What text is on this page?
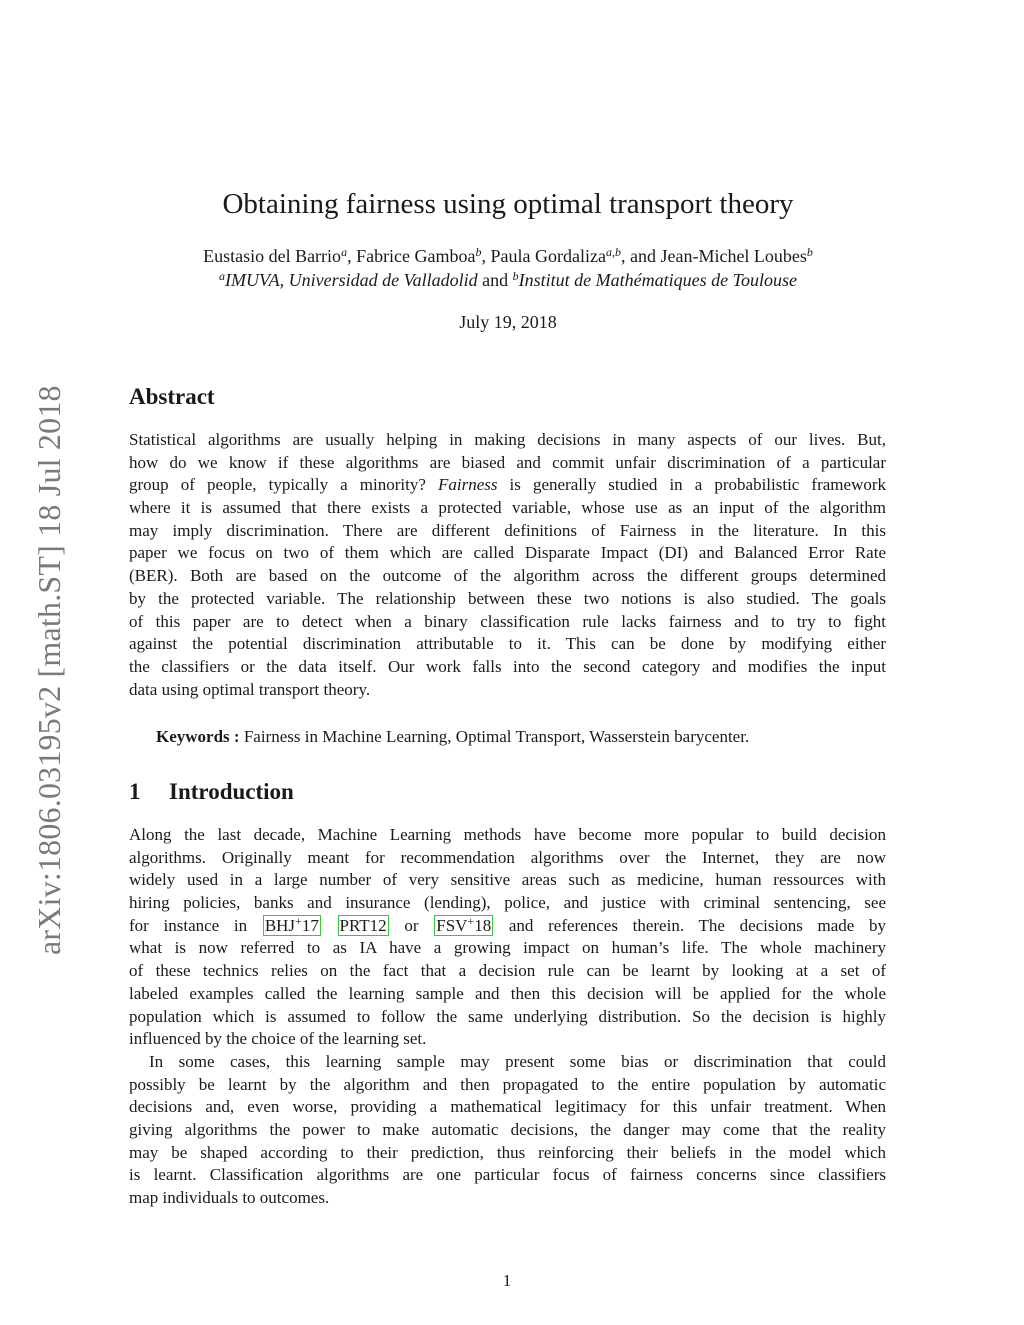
arXiv:1806.03195v2 [math.ST] 18 Jul 2018
Obtaining fairness using optimal transport theory
Eustasio del Barrio$^a$, Fabrice Gamboa$^b$, Paula Gordaliza$^{a,b}$, and Jean-Michel Loubes$^b$
$^a$IMUVA, Universidad de Valladolid and $^b$Institut de Mathématiques de Toulouse
July 19, 2018
Abstract
Statistical algorithms are usually helping in making decisions in many aspects of our lives. But,
how do we know if these algorithms are biased and commit unfair discrimination of a particular
group of people, typically a minority? Fairness is generally studied in a probabilistic framework
where it is assumed that there exists a protected variable, whose use as an input of the algorithm
may imply discrimination. There are different definitions of Fairness in the literature. In this
paper we focus on two of them which are called Disparate Impact (DI) and Balanced Error Rate
(BER). Both are based on the outcome of the algorithm across the different groups determined
by the protected variable. The relationship between these two notions is also studied. The goals
of this paper are to detect when a binary classification rule lacks fairness and to try to fight
against the potential discrimination attributable to it. This can be done by modifying either
the classifiers or the data itself. Our work falls into the second category and modifies the input
data using optimal transport theory.
Keywords : Fairness in Machine Learning, Optimal Transport, Wasserstein barycenter.
1 Introduction
Along the last decade, Machine Learning methods have become more popular to build decision
algorithms. Originally meant for recommendation algorithms over the Internet, they are now
widely used in a large number of very sensitive areas such as medicine, human ressources with
hiring policies, banks and insurance (lending), police, and justice with criminal sentencing, see
for instance in BHJ+17 PRT12 or FSV+18 and references therein. The decisions made by
what is now referred to as IA have a growing impact on human’s life. The whole machinery
of these technics relies on the fact that a decision rule can be learnt by looking at a set of
labeled examples called the learning sample and then this decision will be applied for the whole
population which is assumed to follow the same underlying distribution. So the decision is highly
influenced by the choice of the learning set.
In some cases, this learning sample may present some bias or discrimination that could
possibly be learnt by the algorithm and then propagated to the entire population by automatic
decisions and, even worse, providing a mathematical legitimacy for this unfair treatment. When
giving algorithms the power to make automatic decisions, the danger may come that the reality
may be shaped according to their prediction, thus reinforcing their beliefs in the model which
is learnt. Classification algorithms are one particular focus of fairness concerns since classifiers
map individuals to outcomes.
1
